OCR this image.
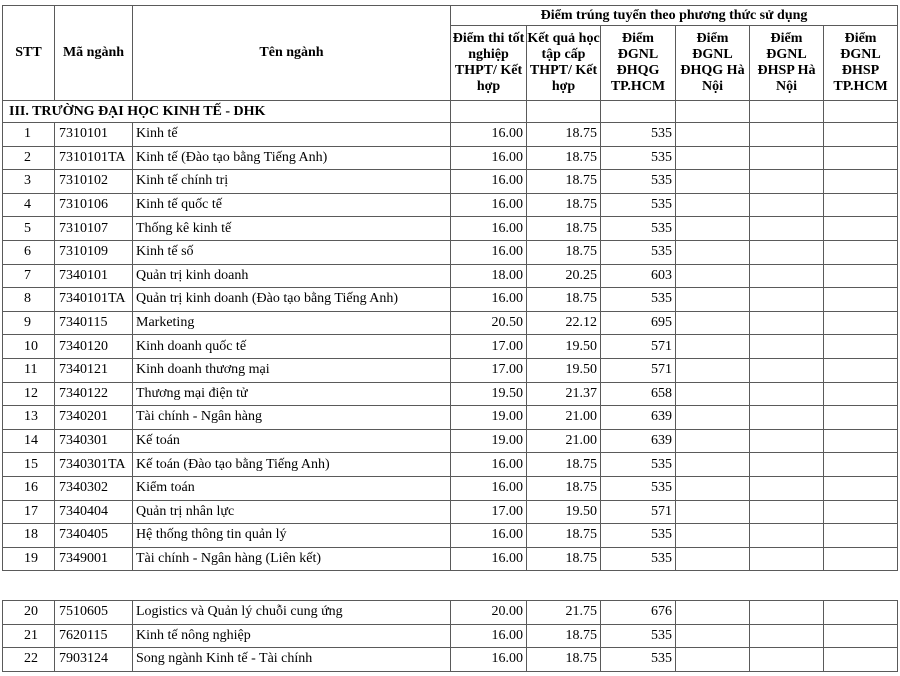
STT	Mã ngành	Tên ngành	Điểm trúng tuyển theo phương thức sử dụng					
			Điểm thi tốt nghiệp THPT/ Kết hợp	Kết quả học tập cấp THPT/ Kết hợp	Điểm ĐGNL ĐHQG TP.HCM	Điểm ĐGNL ĐHQG Hà Nội	Điểm ĐGNL ĐHSP Hà Nội	Điểm ĐGNL ĐHSP TP.HCM
III. TRƯỜNG ĐẠI HỌC KINH TẾ - DHK								
1	7310101	Kinh tế	16.00	18.75	535			
2	7310101TA	Kinh tế (Đào tạo bằng Tiếng Anh)	16.00	18.75	535			
3	7310102	Kinh tế chính trị	16.00	18.75	535			
4	7310106	Kinh tế quốc tế	16.00	18.75	535			
5	7310107	Thống kê kinh tế	16.00	18.75	535			
6	7310109	Kinh tế số	16.00	18.75	535			
7	7340101	Quản trị kinh doanh	18.00	20.25	603			
8	7340101TA	Quản trị kinh doanh (Đào tạo bằng Tiếng Anh)	16.00	18.75	535			
9	7340115	Marketing	20.50	22.12	695			
10	7340120	Kinh doanh quốc tế	17.00	19.50	571			
11	7340121	Kinh doanh thương mại	17.00	19.50	571			
12	7340122	Thương mại điện tử	19.50	21.37	658			
13	7340201	Tài chính - Ngân hàng	19.00	21.00	639			
14	7340301	Kế toán	19.00	21.00	639			
15	7340301TA	Kế toán (Đào tạo bằng Tiếng Anh)	16.00	18.75	535			
16	7340302	Kiểm toán	16.00	18.75	535			
17	7340404	Quản trị nhân lực	17.00	19.50	571			
18	7340405	Hệ thống thông tin quản lý	16.00	18.75	535			
19	7349001	Tài chính - Ngân hàng (Liên kết)	16.00	18.75	535			
20	7510605	Logistics và Quản lý chuỗi cung ứng	20.00	21.75	676			
21	7620115	Kinh tế nông nghiệp	16.00	18.75	535			
22	7903124	Song ngành Kinh tế - Tài chính	16.00	18.75	535			
